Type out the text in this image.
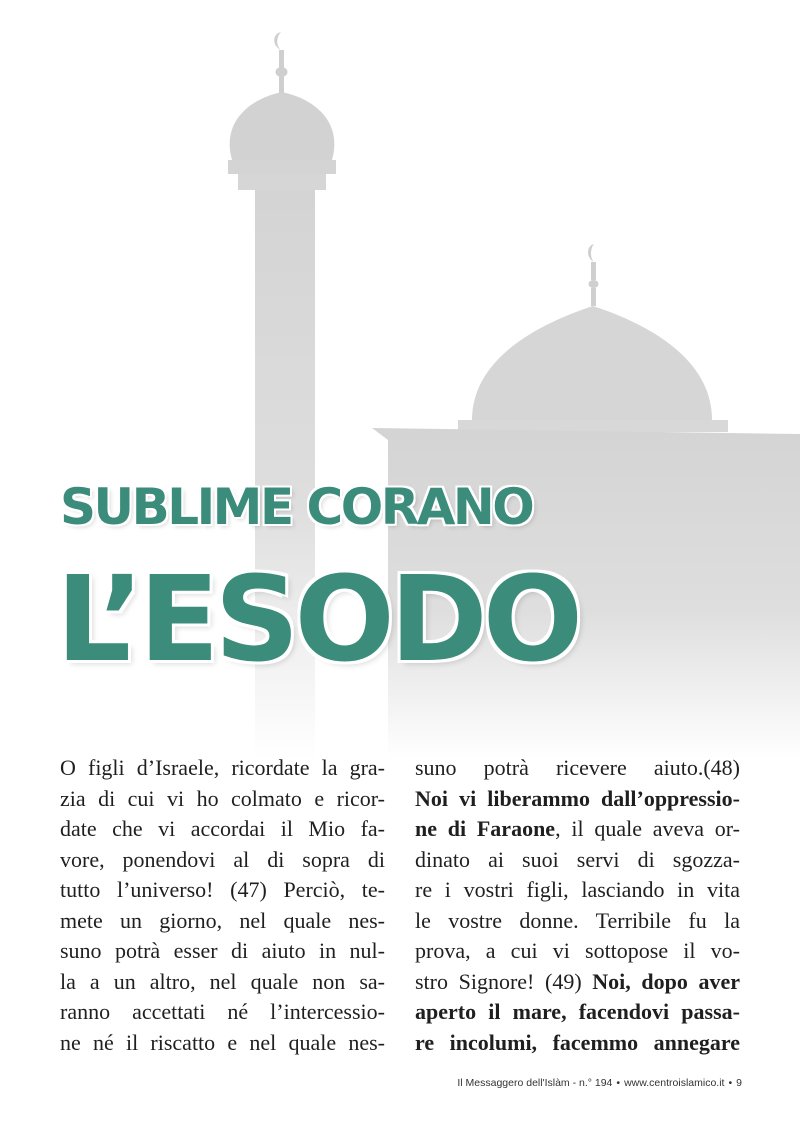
SUBLIME CORANO
L’ESODO
O figli d’Israele, ricordate la gra-
zia di cui vi ho colmato e ricor-
date che vi accordai il Mio fa-
vore, ponendovi al di sopra di
tutto l’universo! (47) Perciò, te-
mete un giorno, nel quale nes-
suno potrà esser di aiuto in nul-
la a un altro, nel quale non sa-
ranno accettati né l’intercessio-
ne né il riscatto e nel quale nes-
suno potrà ricevere aiuto.(48)
Noi vi liberammo dall’oppressio-
ne di Faraone, il quale aveva or-
dinato ai suoi servi di sgozza-
re i vostri figli, lasciando in vita
le vostre donne. Terribile fu la
prova, a cui vi sottopose il vo-
stro Signore! (49) Noi, dopo aver
aperto il mare, facendovi passa-
re incolumi, facemmo annegare
Il Messaggero dell'Islàm - n.° 194 • www.centroislamico.it • 9
